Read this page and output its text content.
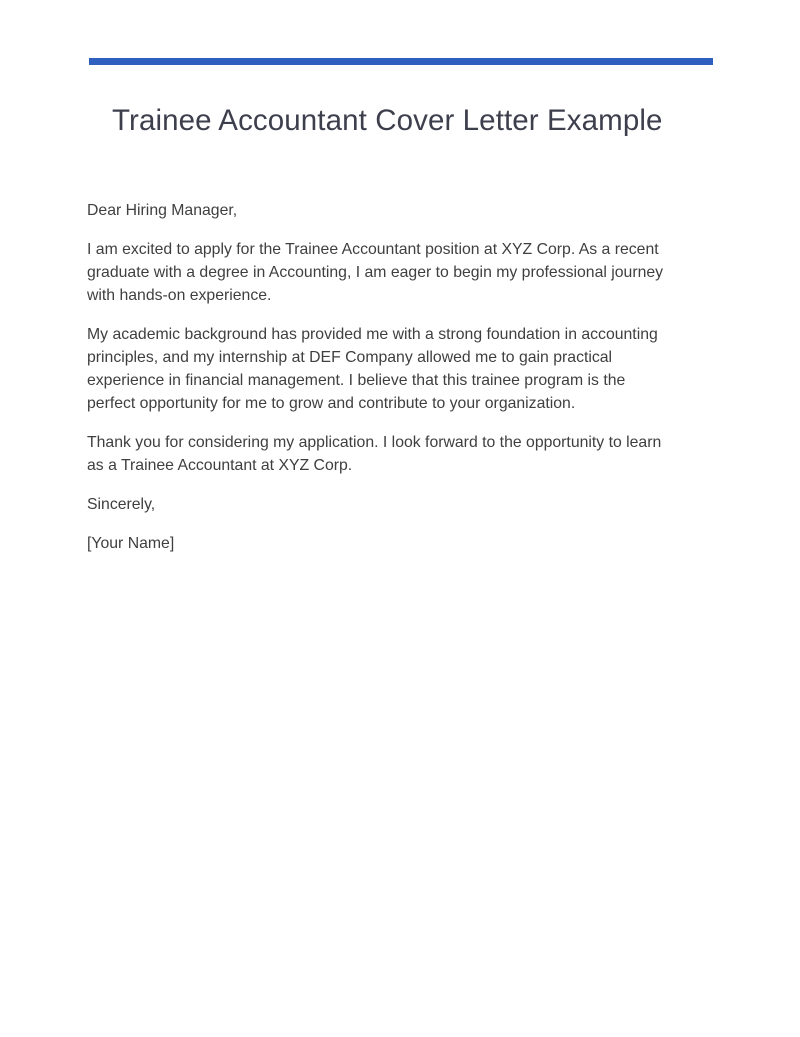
Trainee Accountant Cover Letter Example

Dear Hiring Manager,

I am excited to apply for the Trainee Accountant position at XYZ Corp. As a recent
graduate with a degree in Accounting, I am eager to begin my professional journey
with hands-on experience.

My academic background has provided me with a strong foundation in accounting
principles, and my internship at DEF Company allowed me to gain practical
experience in financial management. I believe that this trainee program is the
perfect opportunity for me to grow and contribute to your organization.

Thank you for considering my application. I look forward to the opportunity to learn
as a Trainee Accountant at XYZ Corp.

Sincerely,

[Your Name]
